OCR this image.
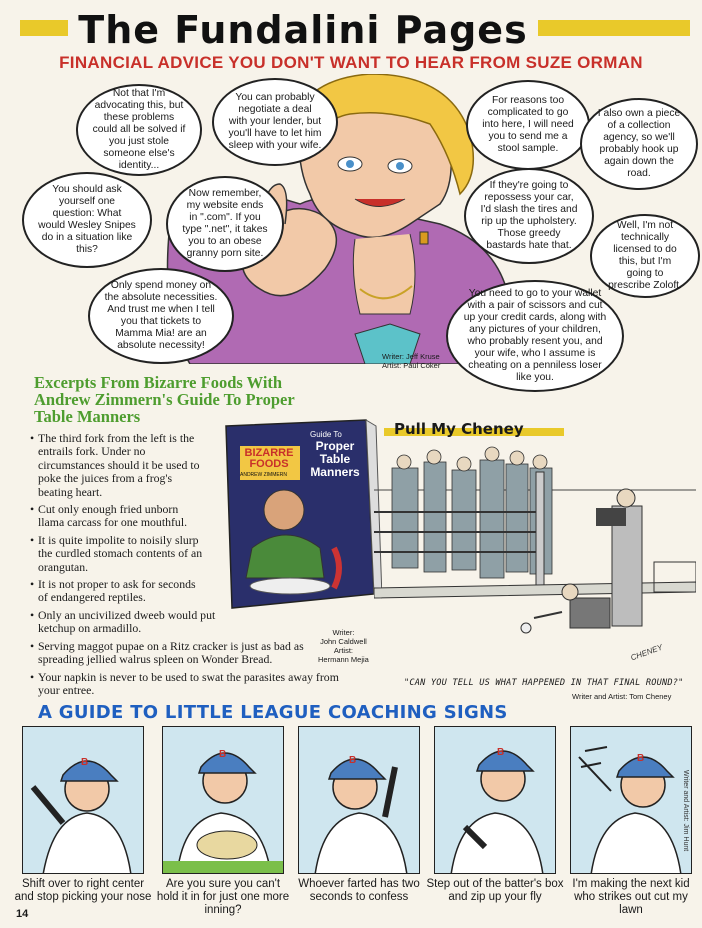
The Fundalini Pages
FINANCIAL ADVICE YOU DON'T WANT TO HEAR FROM SUZE ORMAN
Not that I'm advocating this, but these problems could all be solved if you just stole someone else's identity...
You can probably negotiate a deal with your lender, but you'll have to let him sleep with your wife.
For reasons too complicated to go into here, I will need you to send me a stool sample.
I also own a piece of a collection agency, so we'll probably hook up again down the road.
You should ask yourself one question: What would Wesley Snipes do in a situation like this?
Now remember, my website ends in ".com". If you type ".net", it takes you to an obese granny porn site.
If they're going to repossess your car, I'd slash the tires and rip up the upholstery. Those greedy bastards hate that.
Well, I'm not technically licensed to do this, but I'm going to prescribe Zoloft.
Only spend money on the absolute necessities. And trust me when I tell you that tickets to Mamma Mia! are an absolute necessity!
You need to go to your wallet with a pair of scissors and cut up your credit cards, along with any pictures of your children, who probably resent you, and your wife, who I assume is cheating on a penniless loser like you.
Writer: Jeff Kruse
Artist: Paul Coker
Excerpts From Bizarre Foods With Andrew Zimmern's Guide To Proper Table Manners
• The third fork from the left is the entrails fork. Under no circumstances should it be used to poke the juices from a frog's beating heart.
• Cut only enough fried unborn llama carcass for one mouthful.
• It is quite impolite to noisily slurp the curdled stomach contents of an orangutan.
• It is not proper to ask for seconds of endangered reptiles.
• Only an uncivilized dweeb would put ketchup on armadillo.
• Serving maggot pupae on a Ritz cracker is just as bad as spreading jellied walrus spleen on Wonder Bread.
• Your napkin is never to be used to swat the parasites away from your entree.
BIZARRE FOODS
ANDREW ZIMMERN
Guide To
Proper Table Manners
Writer:
John Caldwell
Artist:
Hermann Mejia
Pull My Cheney
CHENEY
"CAN YOU TELL US WHAT HAPPENED IN THAT FINAL ROUND?"
Writer and Artist: Tom Cheney
A GUIDE TO LITTLE LEAGUE COACHING SIGNS
B
B
B
B
B
Shift over to right center and stop picking your nose
Are you sure you can't hold it in for just one more inning?
Whoever farted has two seconds to confess
Step out of the batter's box and zip up your fly
I'm making the next kid who strikes out cut my lawn
Writer and Artist: Jim Hunt
14
